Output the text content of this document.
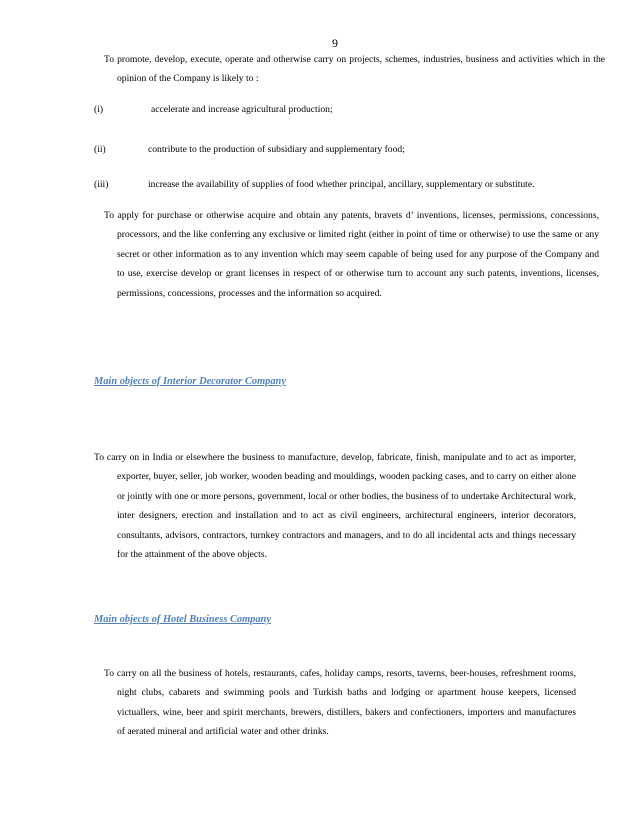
9
To promote, develop, execute, operate and otherwise carry on projects, schemes, industries, business and activities which in the opinion of the Company is likely to :
(i)	accelerate and increase agricultural production;
(ii)	contribute to the production of subsidiary and supplementary food;
(iii)	increase the availability of supplies of food whether principal, ancillary, supplementary or substitute.
To apply for purchase or otherwise acquire and obtain any patents, bravets d’ inventions, licenses, permissions, concessions, processors, and the like conferring any exclusive or limited right (either in point of time or otherwise) to use the same or any secret or other information as to any invention which may seem capable of being used for any purpose of the Company and to use, exercise develop or grant licenses in respect of or otherwise turn to account any such patents, inventions, licenses, permissions, concessions, processes and the information so acquired.
Main objects of Interior Decorator Company
To carry on in India or elsewhere the business to manufacture, develop, fabricate, finish, manipulate and to act as importer, exporter, buyer, seller, job worker, wooden beading and mouldings, wooden packing cases, and to carry on either alone or jointly with one or more persons, government, local or other bodies, the business of to undertake Architectural work, inter designers, erection and installation and to act as civil engineers, architectural engineers, interior decorators, consultants, advisors, contractors, turnkey contractors and managers, and to do all incidental acts and things necessary for the attainment of the above objects.
Main objects of Hotel Business Company
To carry on all the business of hotels, restaurants, cafes, holiday camps, resorts, taverns, beer-houses, refreshment rooms, night clubs, cabarets and swimming pools and Turkish baths and lodging or apartment house keepers, licensed victuallers, wine, beer and spirit merchants, brewers, distillers, bakers and confectioners, importers and manufactures of aerated mineral and artificial water and other drinks.
